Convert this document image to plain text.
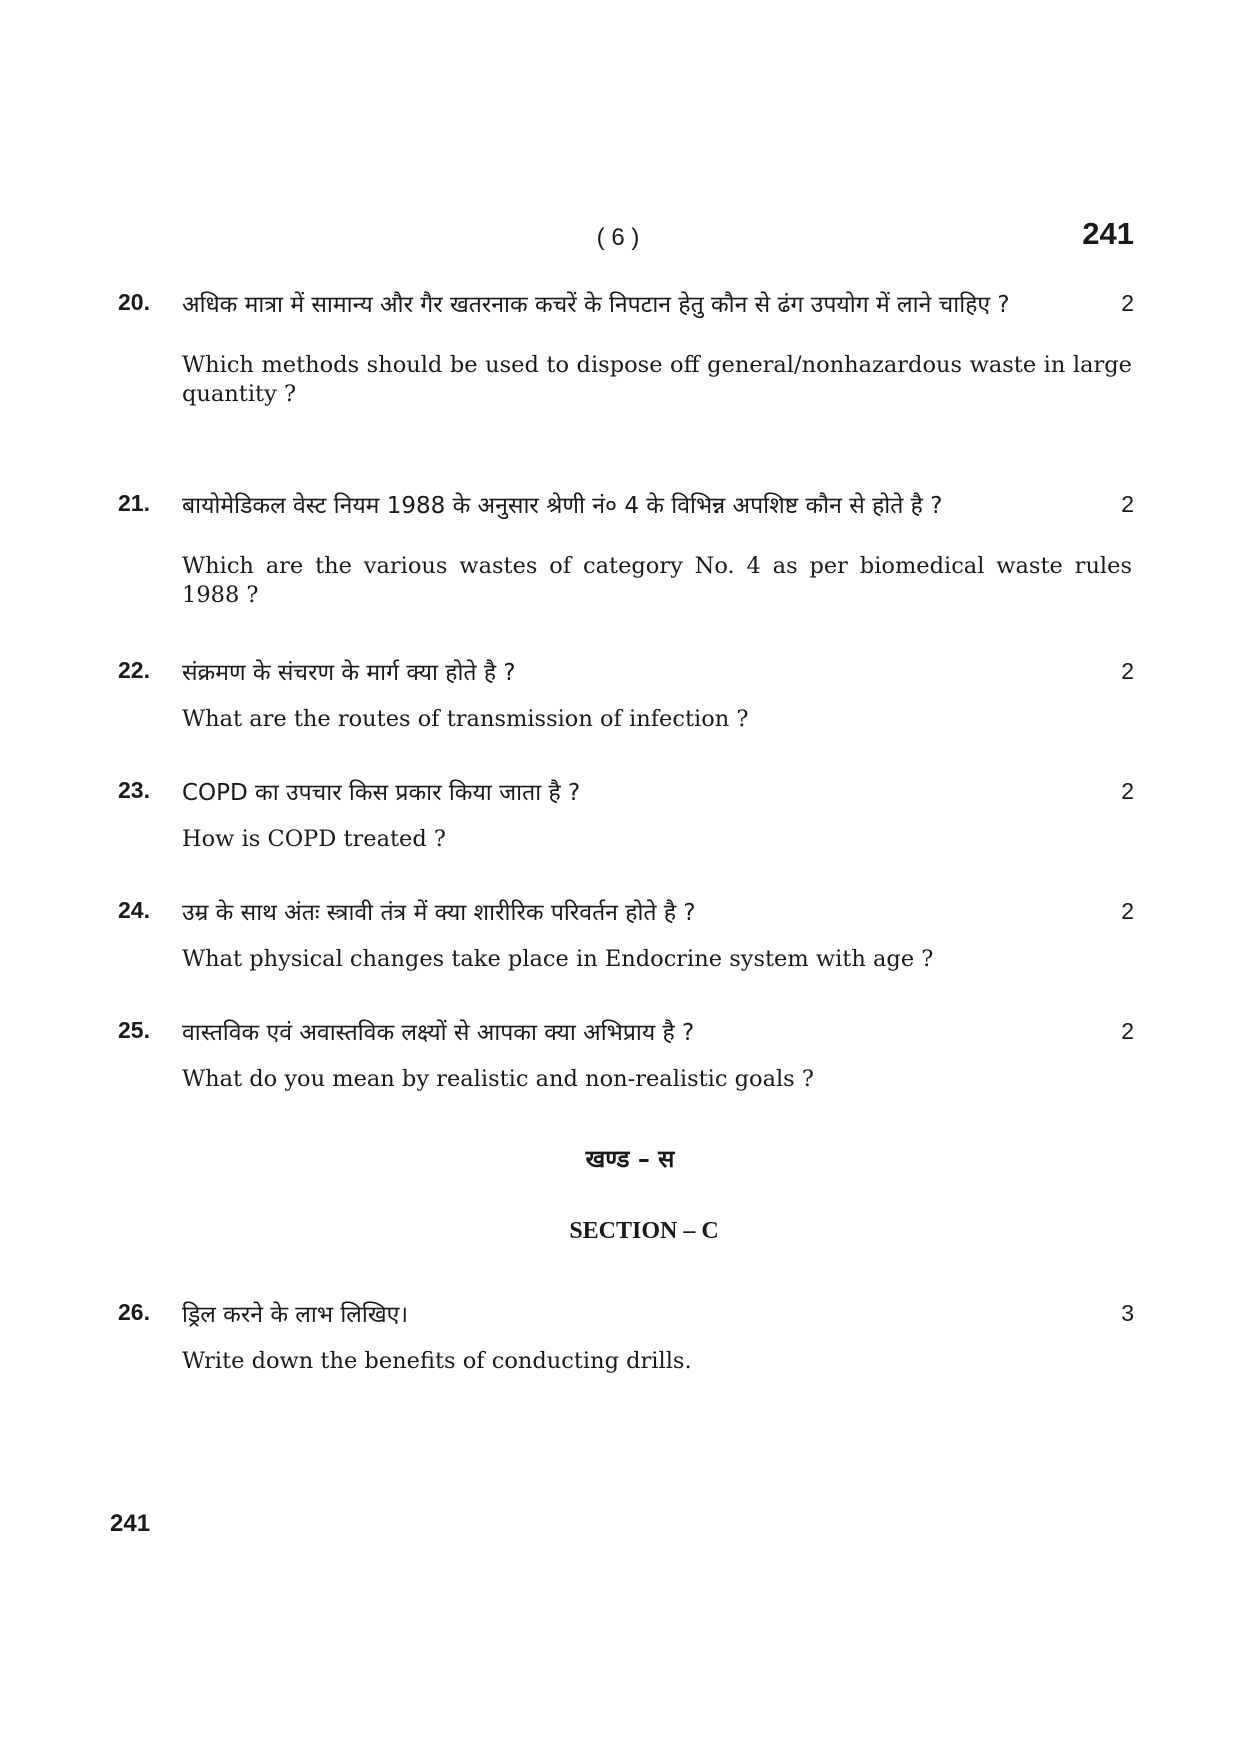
( 6 )	241
20.	अधिक मात्रा में सामान्य और गैर खतरनाक कचरें के निपटान हेतु कौन से ढंग उपयोग में लाने चाहिए ?	2
Which methods should be used to dispose off general/nonhazardous waste in large quantity ?
21.	बायोमेडिकल वेस्ट नियम 1988 के अनुसार श्रेणी नं० 4 के विभिन्न अपशिष्ट कौन से होते है ?	2
Which are the various wastes of category No. 4 as per biomedical waste rules 1988 ?
22.	संक्रमण के संचरण के मार्ग क्या होते है ?	2
What are the routes of transmission of infection ?
23.	COPD का उपचार किस प्रकार किया जाता है ?	2
How is COPD treated ?
24.	उम्र के साथ अंतः स्त्रावी तंत्र में क्या शारीरिक परिवर्तन होते है ?	2
What physical changes take place in Endocrine system with age ?
25.	वास्तविक एवं अवास्तविक लक्ष्यों से आपका क्या अभिप्राय है ?	2
What do you mean by realistic and non-realistic goals ?
खण्ड – स
SECTION – C
26.	ड्रिल करने के लाभ लिखिए।	3
Write down the benefits of conducting drills.
241
